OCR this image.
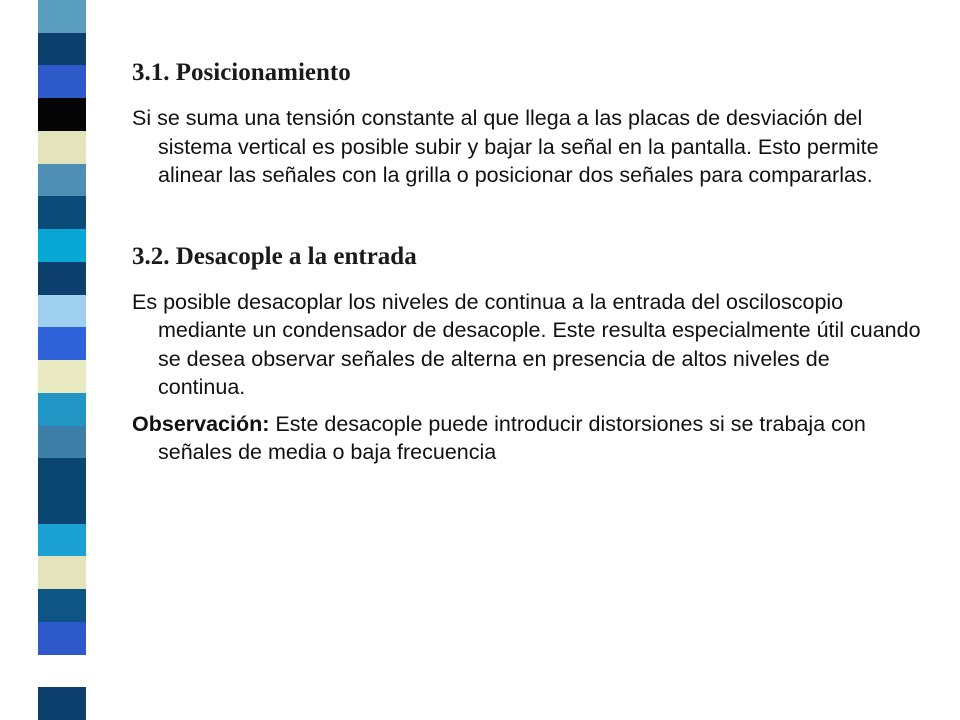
3.1. Posicionamiento

Si se suma una tensión constante al que llega a las placas de desviación del sistema vertical es posible subir y bajar la señal en la pantalla. Esto permite alinear las señales con la grilla o posicionar dos señales para compararlas.

3.2. Desacople a la entrada

Es posible desacoplar los niveles de continua a la entrada del osciloscopio mediante un condensador de desacople. Este resulta especialmente útil cuando se desea observar señales de alterna en presencia de altos niveles de continua.

Observación: Este desacople puede introducir distorsiones si se trabaja con señales de media o baja frecuencia
